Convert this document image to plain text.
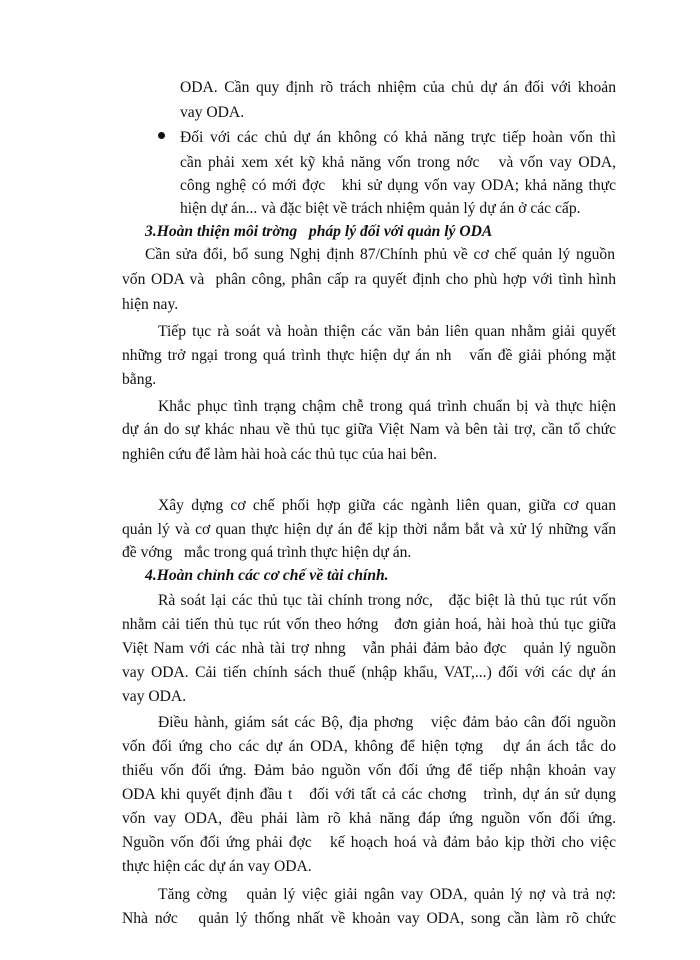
ODA. Cần quy định rõ trách nhiệm của chủ dự án đối với khoản
vay ODA.
Đối với các chủ dự án không có khả năng trực tiếp hoàn vốn thì
cần phải xem xét kỹ khả năng vốn trong nớc   và vốn vay ODA,
công nghệ có mới đợc   khi sử dụng vốn vay ODA; khả năng thực
hiện dự án... và đặc biệt về trách nhiệm quản lý dự án ở các cấp.
3.Hoàn thiện môi trờng   pháp lý đối với quản lý ODA
Cần sửa đổi, bổ sung Nghị định 87/Chính phủ về cơ chế quản lý nguồn
vốn ODA và  phân công, phân cấp ra quyết định cho phù hợp với tình hình
hiện nay.
Tiếp tục rà soát và hoàn thiện các văn bản liên quan nhằm giải quyết
những trở ngại trong quá trình thực hiện dự án nh   vấn đề giải phóng mặt
bằng.
Khắc phục tình trạng chậm chễ trong quá trình chuẩn bị và thực hiện
dự án do sự khác nhau về thủ tục giữa Việt Nam và bên tài trợ, cần tổ chức
nghiên cứu để làm hài hoà các thủ tục của hai bên.
Xây dựng cơ chế phối hợp giữa các ngành liên quan, giữa cơ quan
quản lý và cơ quan thực hiện dự án để kịp thời nắm bắt và xử lý những vấn
đề vớng   mắc trong quá trình thực hiện dự án.
4.Hoàn chỉnh các cơ chế về tài chính.
Rà soát lại các thủ tục tài chính trong nớc,   đặc biệt là thủ tục rút vốn
nhằm cải tiến thủ tục rút vốn theo hớng   đơn giản hoá, hài hoà thủ tục giữa
Việt Nam với các nhà tài trợ nhng   vẫn phải đảm bảo đợc   quản lý nguồn
vay ODA. Cải tiến chính sách thuế (nhập khẩu, VAT,...) đối với các dự án
vay ODA.
Điều hành, giám sát các Bộ, địa phơng   việc đảm bảo cân đối nguồn
vốn đối ứng cho các dự án ODA, không để hiện tợng   dự án ách tắc do
thiếu vốn đối ứng. Đảm bảo nguồn vốn đối ứng để tiếp nhận khoản vay
ODA khi quyết định đầu t   đối với tất cả các chơng   trình, dự án sử dụng
vốn vay ODA, đều phải làm rõ khả năng đáp ứng nguồn vốn đối ứng.
Nguồn vốn đối ứng phải đợc   kế hoạch hoá và đảm bảo kịp thời cho việc
thực hiện các dự án vay ODA.
Tăng cờng   quản lý việc giải ngân vay ODA, quản lý nợ và trả nợ:
Nhà nớc   quản lý thống nhất về khoản vay ODA, song cần làm rõ chức
